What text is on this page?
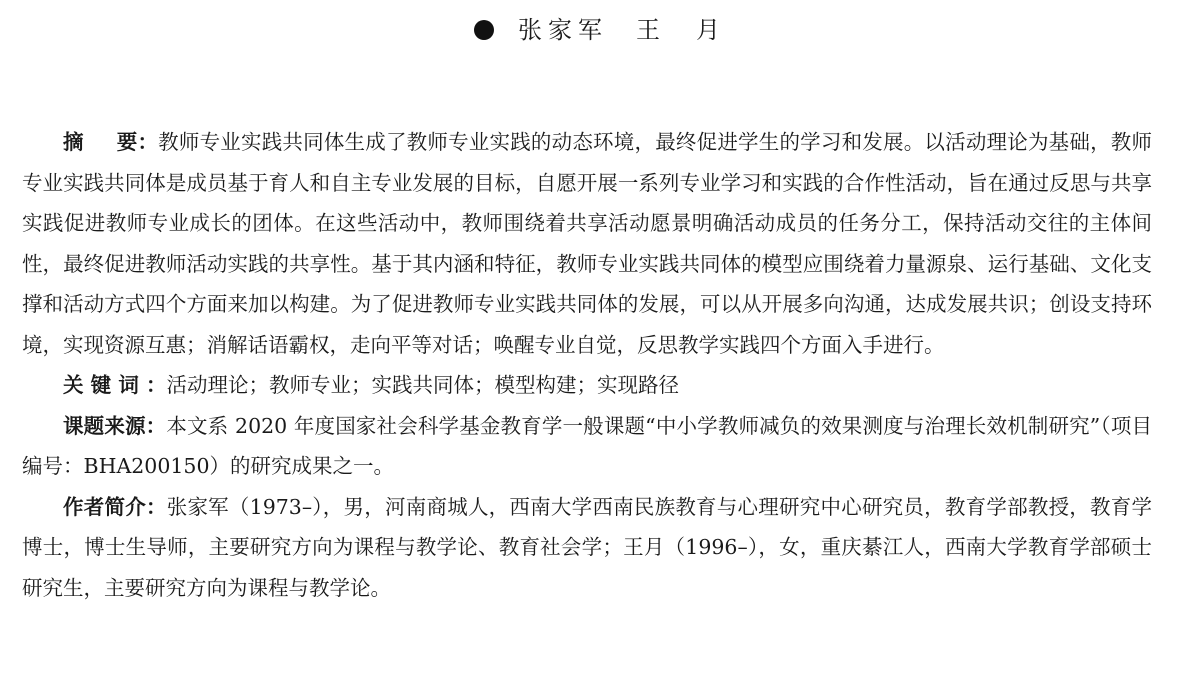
张家军 王　月

摘 要：教师专业实践共同体生成了教师专业实践的动态环境，最终促进学生的学习和发展。以活动理论为基础，教师专业实践共同体是成员基于育人和自主专业发展的目标，自愿开展一系列专业学习和实践的合作性活动，旨在通过反思与共享实践促进教师专业成长的团体。在这些活动中，教师围绕着共享活动愿景明确活动成员的任务分工，保持活动交往的主体间性，最终促进教师活动实践的共享性。基于其内涵和特征，教师专业实践共同体的模型应围绕着力量源泉、运行基础、文化支撑和活动方式四个方面来加以构建。为了促进教师专业实践共同体的发展，可以从开展多向沟通，达成发展共识；创设支持环境，实现资源互惠；消解话语霸权，走向平等对话；唤醒专业自觉，反思教学实践四个方面入手进行。

关键词：活动理论；教师专业；实践共同体；模型构建；实现路径

课题来源：本文系 2020 年度国家社会科学基金教育学一般课题“中小学教师减负的效果测度与治理长效机制研究”（项目编号：BHA200150）的研究成果之一。

作者简介：张家军（1973–），男，河南商城人，西南大学西南民族教育与心理研究中心研究员，教育学部教授，教育学博士，博士生导师，主要研究方向为课程与教学论、教育社会学；王月（1996–），女，重庆綦江人，西南大学教育学部硕士研究生，主要研究方向为课程与教学论。
